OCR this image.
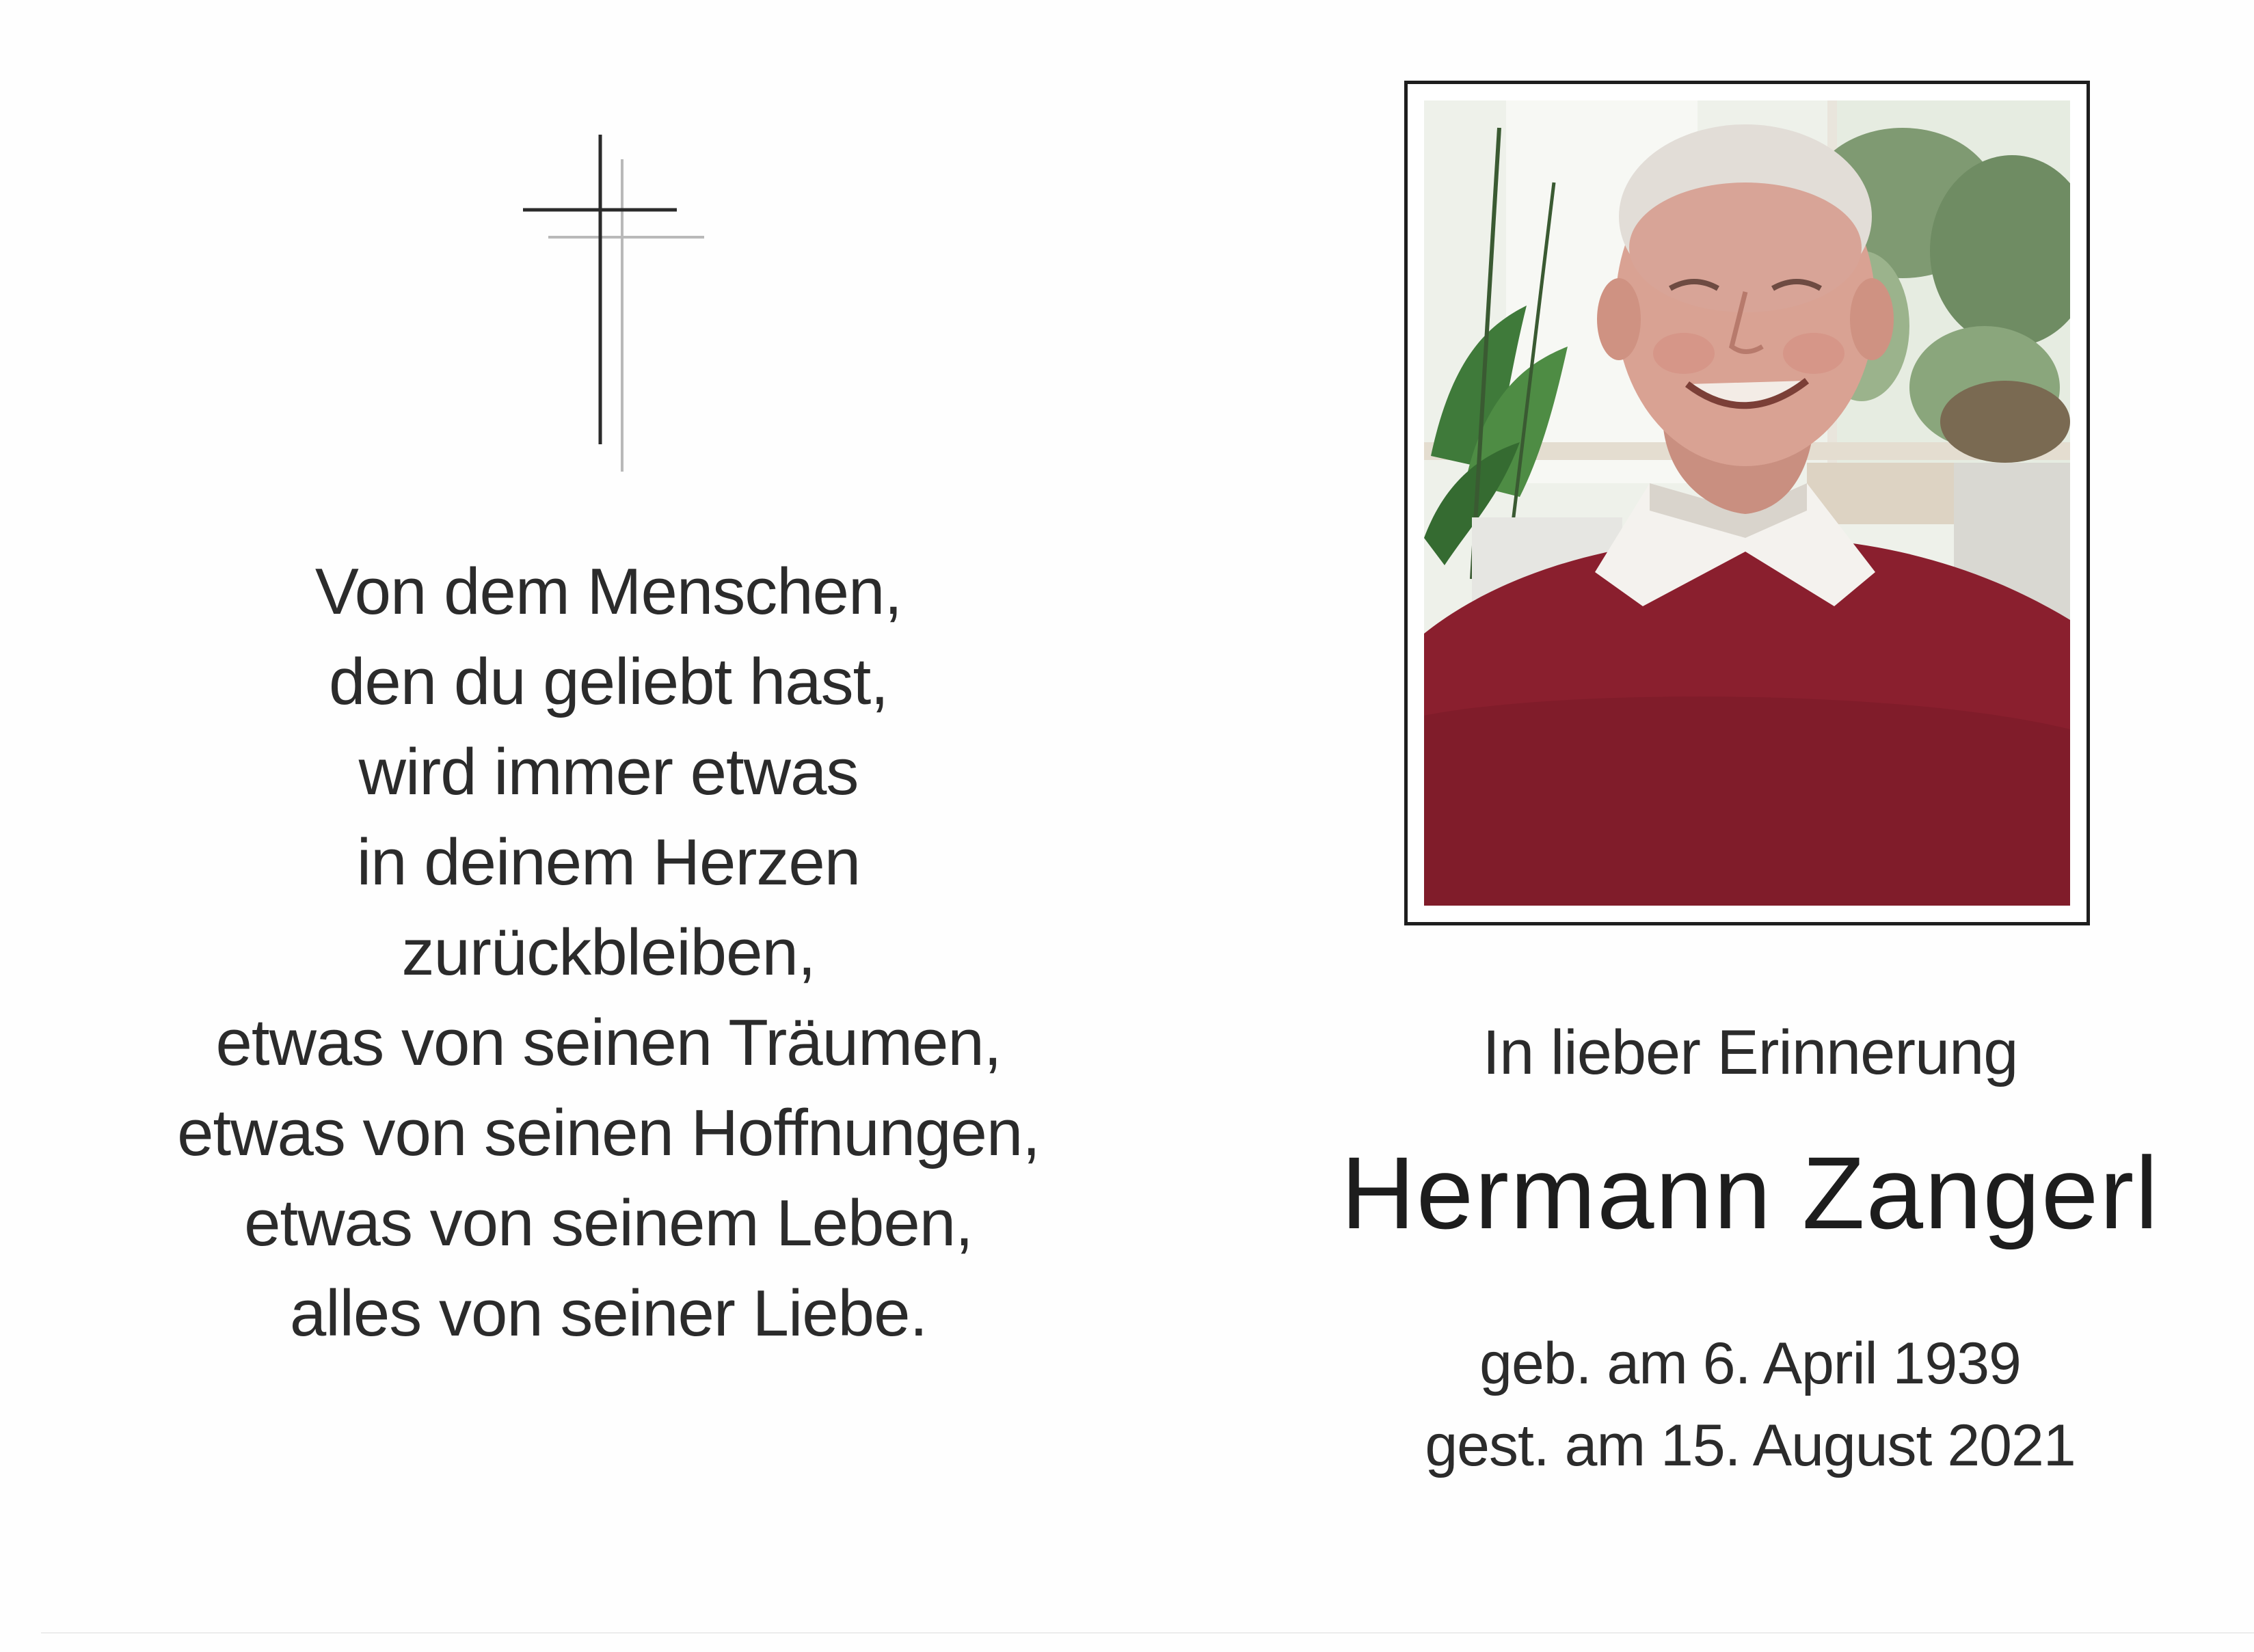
Von dem Menschen,
den du geliebt hast,
wird immer etwas
in deinem Herzen
zurückbleiben,
etwas von seinen Träumen,
etwas von seinen Hoffnungen,
etwas von seinem Leben,
alles von seiner Liebe.
In lieber Erinnerung
Hermann Zangerl
geb. am 6. April 1939
gest. am 15. August 2021
